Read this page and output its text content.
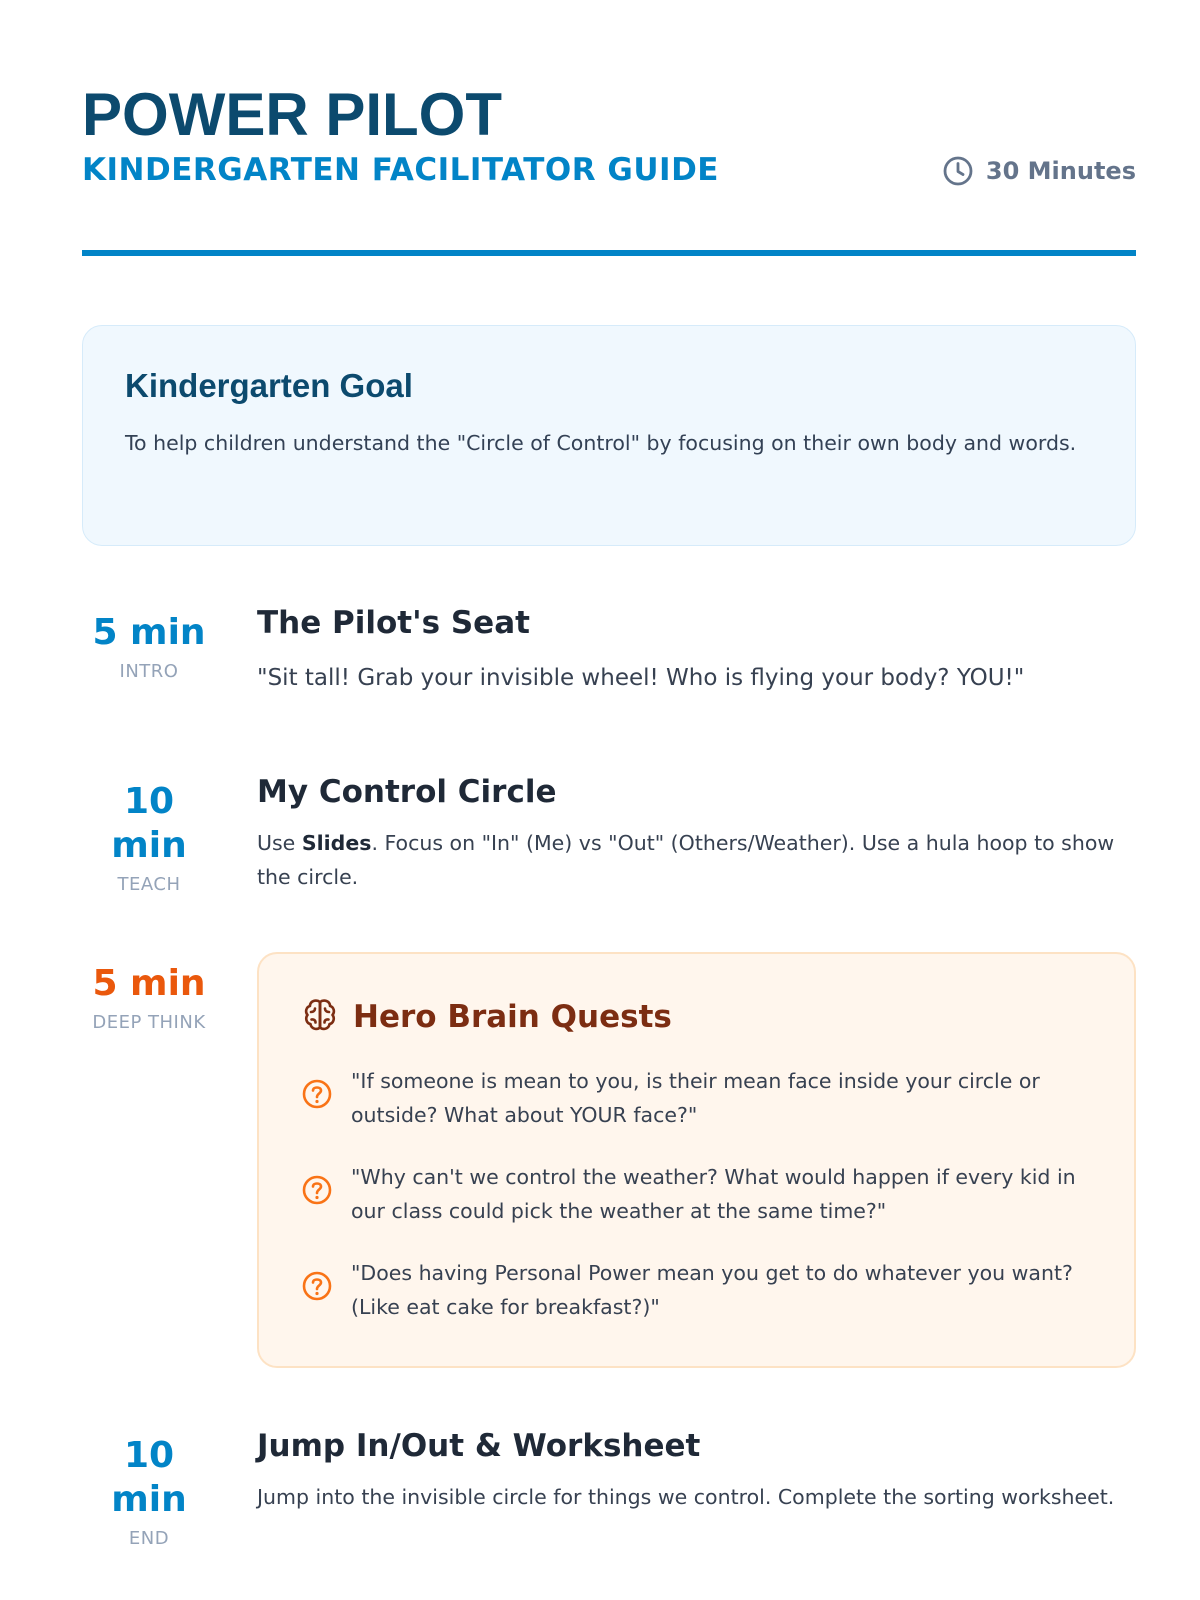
POWER PILOT
KINDERGARTEN FACILITATOR GUIDE	30 Minutes
Kindergarten Goal

To help children understand the "Circle of Control" by focusing on their own body and words.

5 min
INTRO
The Pilot's Seat

"Sit tall! Grab your invisible wheel! Who is flying your body? YOU!"

10 min
TEACH
My Control Circle

Use Slides. Focus on "In" (Me) vs "Out" (Others/Weather). Use a hula hoop to show the circle.

5 min
DEEP THINK	Hero Brain Quests
"If someone is mean to you, is their mean face inside your circle or outside? What about YOUR face?"
"Why can't we control the weather? What would happen if every kid in our class could pick the weather at the same time?"
"Does having Personal Power mean you get to do whatever you want? (Like eat cake for breakfast?)"
10 min
END
Jump In/Out & Worksheet

Jump into the invisible circle for things we control. Complete the sorting worksheet.
